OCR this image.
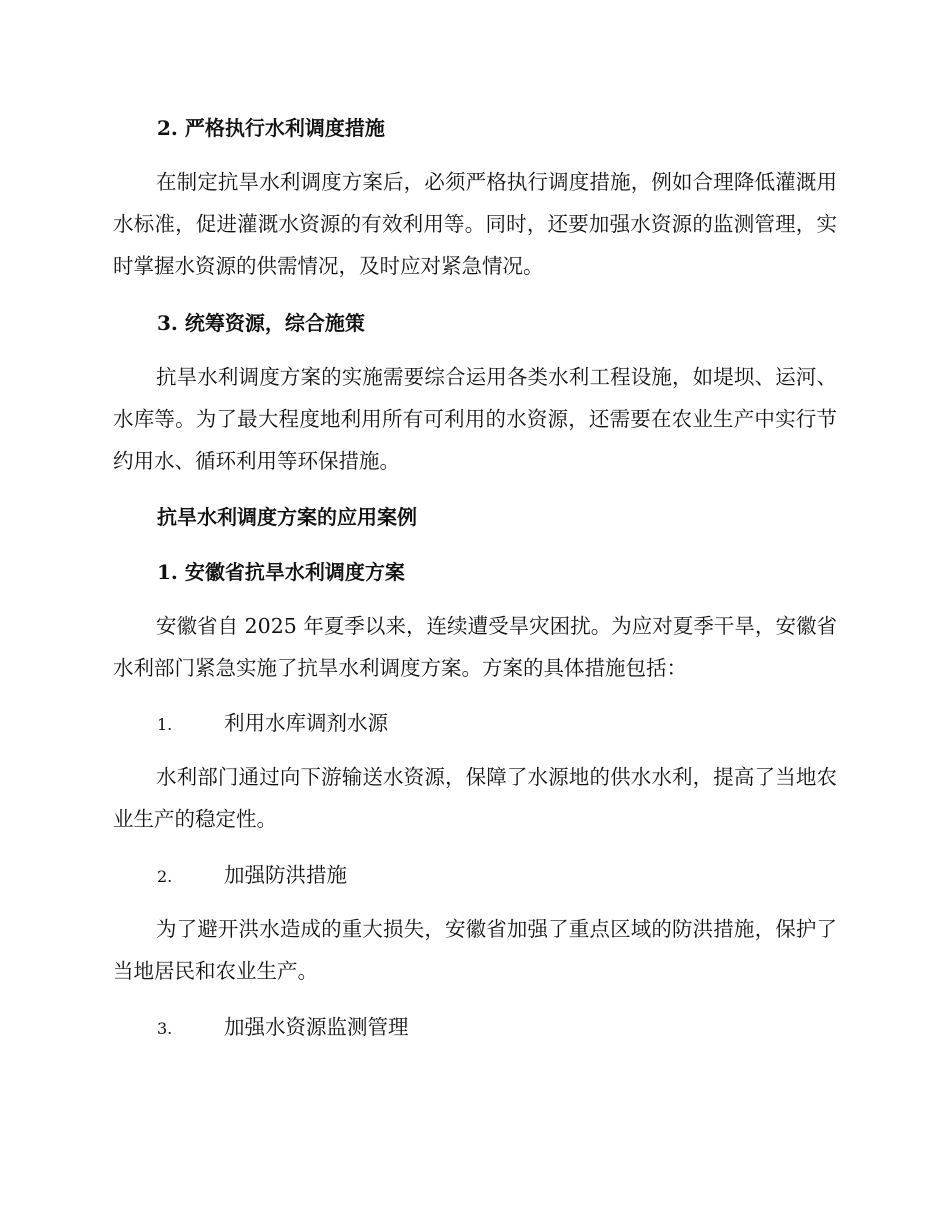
2. 严格执行水利调度措施
在制定抗旱水利调度方案后，必须严格执行调度措施，例如合理降低灌溉用水标准，促进灌溉水资源的有效利用等。同时，还要加强水资源的监测管理，实时掌握水资源的供需情况，及时应对紧急情况。
3. 统筹资源，综合施策
抗旱水利调度方案的实施需要综合运用各类水利工程设施，如堤坝、运河、水库等。为了最大程度地利用所有可利用的水资源，还需要在农业生产中实行节约用水、循环利用等环保措施。
抗旱水利调度方案的应用案例
1. 安徽省抗旱水利调度方案
安徽省自 2025 年夏季以来，连续遭受旱灾困扰。为应对夏季干旱，安徽省水利部门紧急实施了抗旱水利调度方案。方案的具体措施包括：
1.	利用水库调剂水源
水利部门通过向下游输送水资源，保障了水源地的供水水利，提高了当地农业生产的稳定性。
2.	加强防洪措施
为了避开洪水造成的重大损失，安徽省加强了重点区域的防洪措施，保护了当地居民和农业生产。
3.	加强水资源监测管理
